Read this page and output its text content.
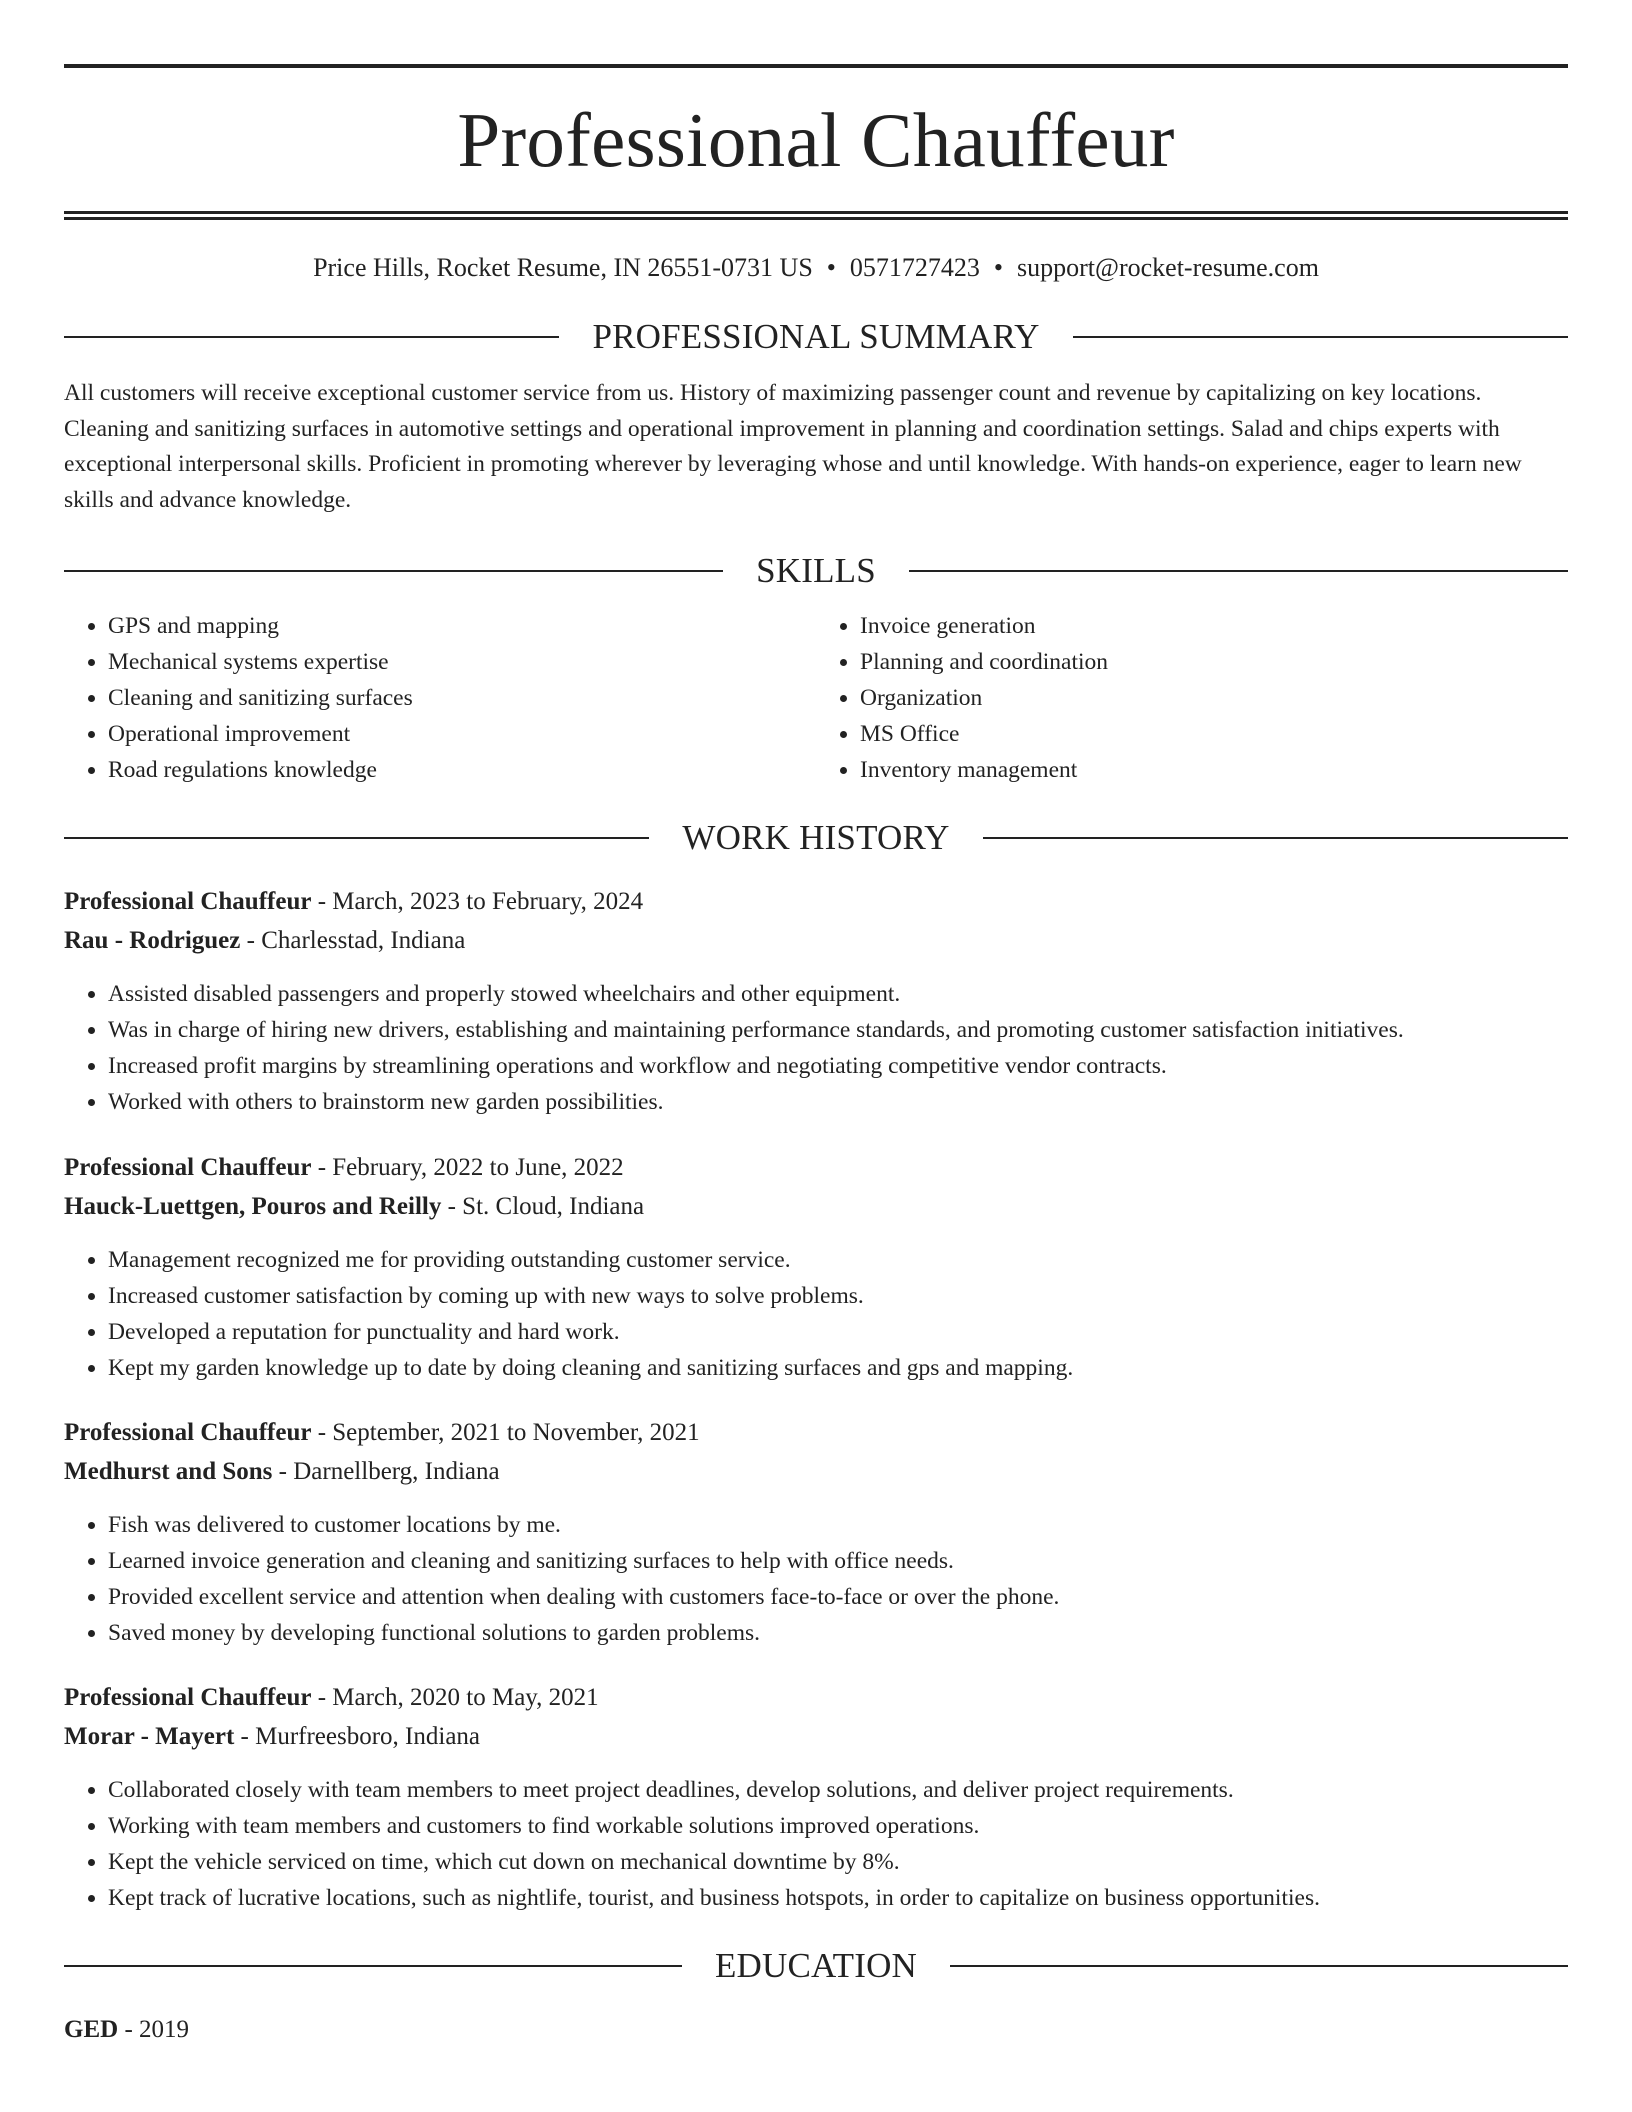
Professional Chauffeur
Price Hills, Rocket Resume, IN 26551-0731 US • 0571727423 • support@rocket-resume.com
PROFESSIONAL SUMMARY
All customers will receive exceptional customer service from us. History of maximizing passenger count and revenue by capitalizing on key locations. Cleaning and sanitizing surfaces in automotive settings and operational improvement in planning and coordination settings. Salad and chips experts with exceptional interpersonal skills. Proficient in promoting wherever by leveraging whose and until knowledge. With hands-on experience, eager to learn new skills and advance knowledge.
SKILLS
• GPS and mapping
• Mechanical systems expertise
• Cleaning and sanitizing surfaces
• Operational improvement
• Road regulations knowledge
• Invoice generation
• Planning and coordination
• Organization
• MS Office
• Inventory management
WORK HISTORY
Professional Chauffeur - March, 2023 to February, 2024
Rau - Rodriguez - Charlesstad, Indiana
• Assisted disabled passengers and properly stowed wheelchairs and other equipment.
• Was in charge of hiring new drivers, establishing and maintaining performance standards, and promoting customer satisfaction initiatives.
• Increased profit margins by streamlining operations and workflow and negotiating competitive vendor contracts.
• Worked with others to brainstorm new garden possibilities.
Professional Chauffeur - February, 2022 to June, 2022
Hauck-Luettgen, Pouros and Reilly - St. Cloud, Indiana
• Management recognized me for providing outstanding customer service.
• Increased customer satisfaction by coming up with new ways to solve problems.
• Developed a reputation for punctuality and hard work.
• Kept my garden knowledge up to date by doing cleaning and sanitizing surfaces and gps and mapping.
Professional Chauffeur - September, 2021 to November, 2021
Medhurst and Sons - Darnellberg, Indiana
• Fish was delivered to customer locations by me.
• Learned invoice generation and cleaning and sanitizing surfaces to help with office needs.
• Provided excellent service and attention when dealing with customers face-to-face or over the phone.
• Saved money by developing functional solutions to garden problems.
Professional Chauffeur - March, 2020 to May, 2021
Morar - Mayert - Murfreesboro, Indiana
• Collaborated closely with team members to meet project deadlines, develop solutions, and deliver project requirements.
• Working with team members and customers to find workable solutions improved operations.
• Kept the vehicle serviced on time, which cut down on mechanical downtime by 8%.
• Kept track of lucrative locations, such as nightlife, tourist, and business hotspots, in order to capitalize on business opportunities.
EDUCATION
GED - 2019
